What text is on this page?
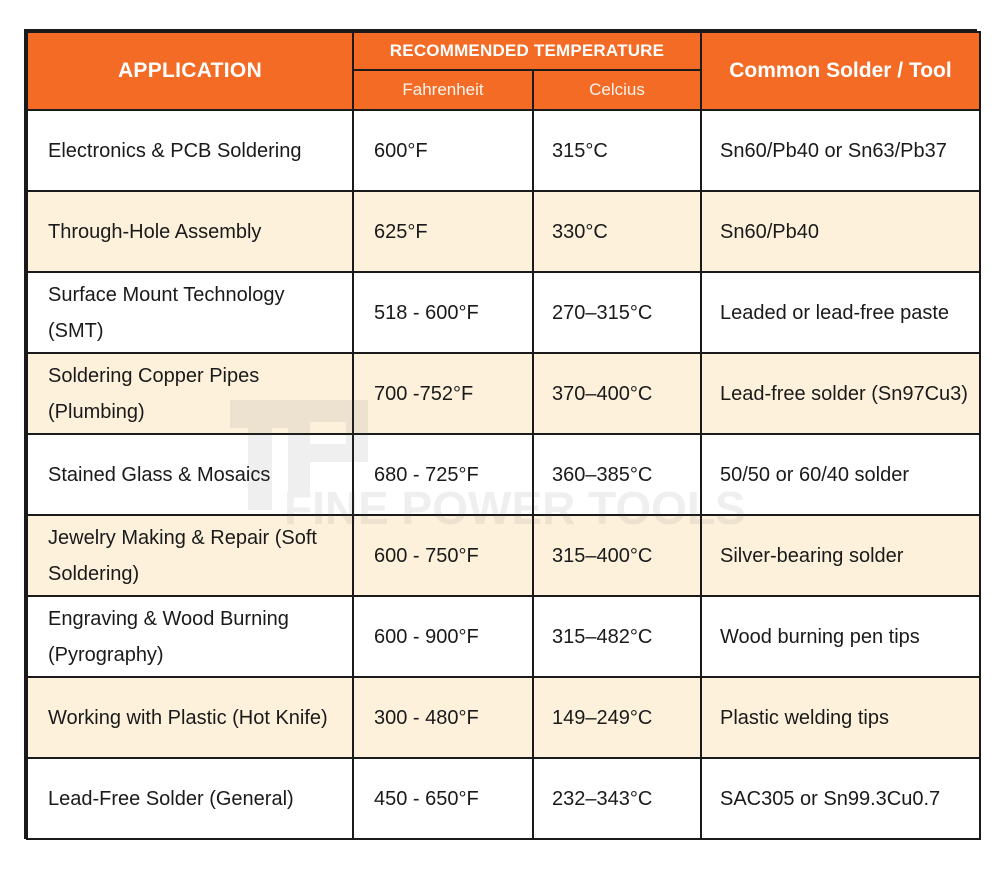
APPLICATION	RECOMMENDED TEMPERATURE		Common Solder / Tool
	Fahrenheit	Celcius	
Electronics & PCB Soldering	600°F	315°C	Sn60/Pb40 or Sn63/Pb37
Through-Hole Assembly	625°F	330°C	Sn60/Pb40
Surface Mount Technology (SMT)	518 - 600°F	270–315°C	Leaded or lead-free paste
Soldering Copper Pipes (Plumbing)	700 -752°F	370–400°C	Lead-free solder (Sn97Cu3)
Stained Glass & Mosaics	680 - 725°F	360–385°C	50/50 or 60/40 solder
Jewelry Making & Repair (Soft Soldering)	600 - 750°F	315–400°C	Silver-bearing solder
Engraving & Wood Burning (Pyrography)	600 - 900°F	315–482°C	Wood burning pen tips
Working with Plastic (Hot Knife)	300 - 480°F	149–249°C	Plastic welding tips
Lead-Free Solder (General)	450 - 650°F	232–343°C	SAC305 or Sn99.3Cu0.7
